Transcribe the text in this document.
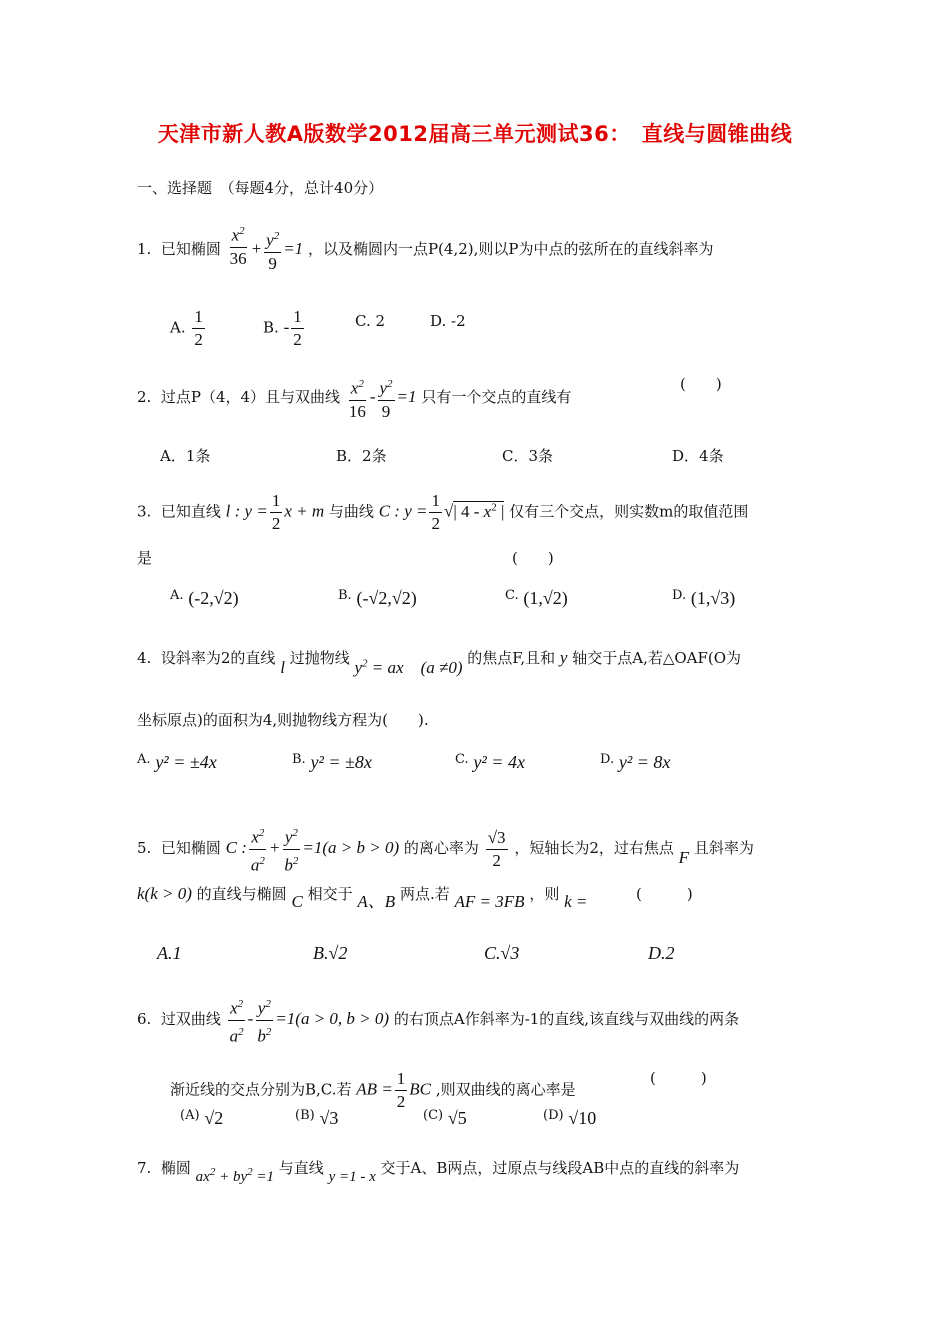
天津市新人教A版数学2012届高三单元测试36：　直线与圆锥曲线
一、选择题　（每题4分，总计40分）
1. 已知椭圆 $\frac{x^2}{36} + \frac{y^2}{9} =1$ ，以及椭圆内一点P(4,2),则以P为中点的弦所在的直线斜率为
A. $\frac{1}{2}$	B. - $\frac{1}{2}$	C. 2	D. -2
2. 过点P（4，4）且与双曲线 $\frac{x^2}{16} - \frac{y^2}{9} =1$ 只有一个交点的直线有
(　　)
A．1条	B．2条	C．3条	D．4条
3. 已知直线 l : $y = \frac{1}{2}$ x + m 与曲线 C : $y = \frac{1}{2}$ √| $4 - x^2$ | 仅有三个交点，则实数m的取值范围
是	(　　)
A. (-2,√2)	B. (-√2,√2)	C. (1,√2)	D. (1,√3)
4. 设斜率为2的直线 l 过抛物线 $y^2$ = ax　(a ≠0) 的焦点F,且和 y 轴交于点A,若△OAF(O为
坐标原点)的面积为4,则抛物线方程为(　　).
A. y² = ±4x	B. y² = ±8x	C. y² = 4x	D. y² = 8x
5. 已知椭圆 C : $\frac{x^2}{a^2} + \frac{y^2}{b^2} =1(a > b > 0)$ 的离心率为 $\frac{√3}{2}$ ，短轴长为2，过右焦点 F 且斜率为
k(k > 0) 的直线与椭圆 C 相交于 A、B 两点.若 AF = 3FB ，则 k =	(　　　)
A.1	B.√2	C.√3	D.2
6. 过双曲线 $\frac{x^2}{a^2} - \frac{y^2}{b^2} =1(a > 0$, b > 0) 的右顶点A作斜率为-1的直线,该直线与双曲线的两条
渐近线的交点分别为B,C.若 AB = $\frac{1}{2}$ BC ,则双曲线的离心率是
(　　　)
(A) √2	(B) √3	(C) √5	(D) √10
7. 椭圆 $ax^2 + by^2 =1$ 与直线 y =1 - x 交于A、B两点，过原点与线段AB中点的直线的斜率为
